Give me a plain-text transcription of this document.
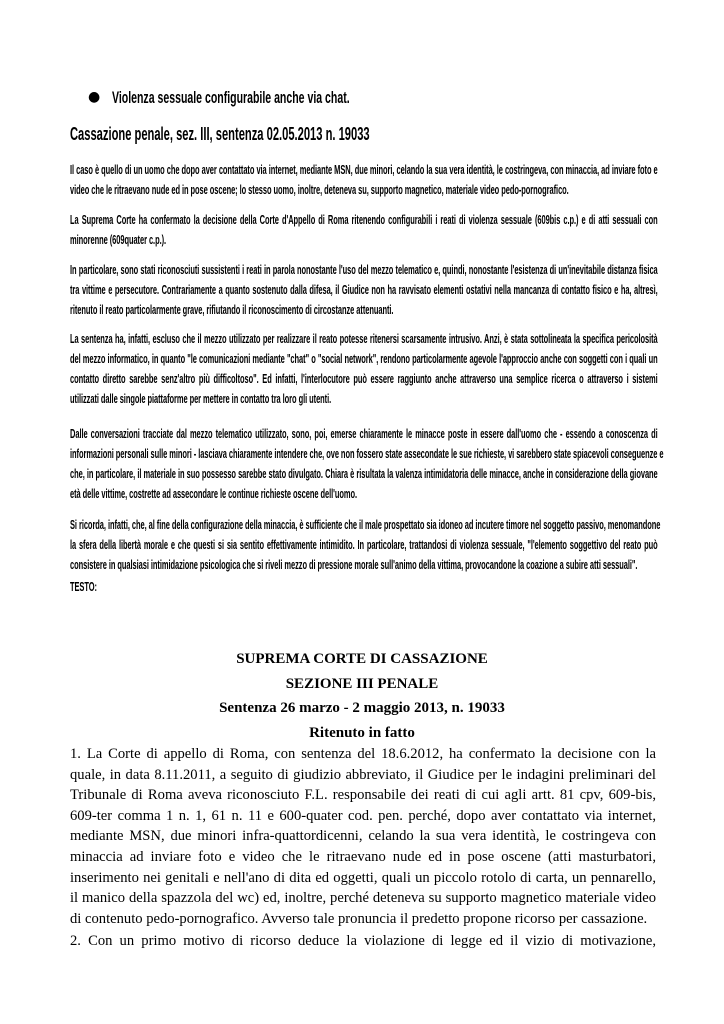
● Violenza sessuale configurabile anche via chat.
Cassazione penale, sez. III, sentenza 02.05.2013 n. 19033
Il caso è quello di un uomo che dopo aver contattato via internet, mediante MSN, due minori, celando la sua vera identità, le costringeva, con minaccia, ad inviare foto e
video che le ritraevano nude ed in pose oscene; lo stesso uomo, inoltre, deteneva su, supporto magnetico, materiale video pedo-pornografico.
La Suprema Corte ha confermato la decisione della Corte d'Appello di Roma ritenendo configurabili i reati di violenza sessuale (609bis c.p.) e di atti sessuali con
minorenne (609quater c.p.).
In particolare, sono stati riconosciuti sussistenti i reati in parola nonostante l'uso del mezzo telematico e, quindi, nonostante l'esistenza di un'inevitabile distanza fisica
tra vittime e persecutore. Contrariamente a quanto sostenuto dalla difesa, il Giudice non ha ravvisato elementi ostativi nella mancanza di contatto fisico e ha, altresì,
ritenuto il reato particolarmente grave, rifiutando il riconoscimento di circostanze attenuanti.
La sentenza ha, infatti, escluso che il mezzo utilizzato per realizzare il reato potesse ritenersi scarsamente intrusivo. Anzi, è stata sottolineata la specifica pericolosità
del mezzo informatico, in quanto "le comunicazioni mediante "chat" o "social network", rendono particolarmente agevole l'approccio anche con soggetti con i quali un
contatto diretto sarebbe senz'altro più difficoltoso". Ed infatti, l'interlocutore può essere raggiunto anche attraverso una semplice ricerca o attraverso i sistemi
utilizzati dalle singole piattaforme per mettere in contatto tra loro gli utenti.
Dalle conversazioni tracciate dal mezzo telematico utilizzato, sono, poi, emerse chiaramente le minacce poste in essere dall'uomo che - essendo a conoscenza di
informazioni personali sulle minori - lasciava chiaramente intendere che, ove non fossero state assecondate le sue richieste, vi sarebbero state spiacevoli conseguenze e
che, in particolare, il materiale in suo possesso sarebbe stato divulgato. Chiara è risultata la valenza intimidatoria delle minacce, anche in considerazione della giovane
età delle vittime, costrette ad assecondare le continue richieste oscene dell'uomo.
Si ricorda, infatti, che, al fine della configurazione della minaccia, è sufficiente che il male prospettato sia idoneo ad incutere timore nel soggetto passivo, menomandone
la sfera della libertà morale e che questi si sia sentito effettivamente intimidito. In particolare, trattandosi di violenza sessuale, "l'elemento soggettivo del reato può
consistere in qualsiasi intimidazione psicologica che si riveli mezzo di pressione morale sull'animo della vittima, provocandone la coazione a subire atti sessuali".
TESTO:
SUPREMA CORTE DI CASSAZIONE
SEZIONE III PENALE
Sentenza 26 marzo - 2 maggio 2013, n. 19033
Ritenuto in fatto
1. La Corte di appello di Roma, con sentenza del 18.6.2012, ha confermato la decisione con la
quale, in data 8.11.2011, a seguito di giudizio abbreviato, il Giudice per le indagini preliminari del
Tribunale di Roma aveva riconosciuto F.L. responsabile dei reati di cui agli artt. 81 cpv, 609-bis,
609-ter comma 1 n. 1, 61 n. 11 e 600-quater cod. pen. perché, dopo aver contattato via internet,
mediante MSN, due minori infra-quattordicenni, celando la sua vera identità, le costringeva con
minaccia ad inviare foto e video che le ritraevano nude ed in pose oscene (atti masturbatori,
inserimento nei genitali e nell'ano di dita ed oggetti, quali un piccolo rotolo di carta, un pennarello,
il manico della spazzola del wc) ed, inoltre, perché deteneva su supporto magnetico materiale video
di contenuto pedo-pornografico. Avverso tale pronuncia il predetto propone ricorso per cassazione.
2. Con un primo motivo di ricorso deduce la violazione di legge ed il vizio di motivazione,
